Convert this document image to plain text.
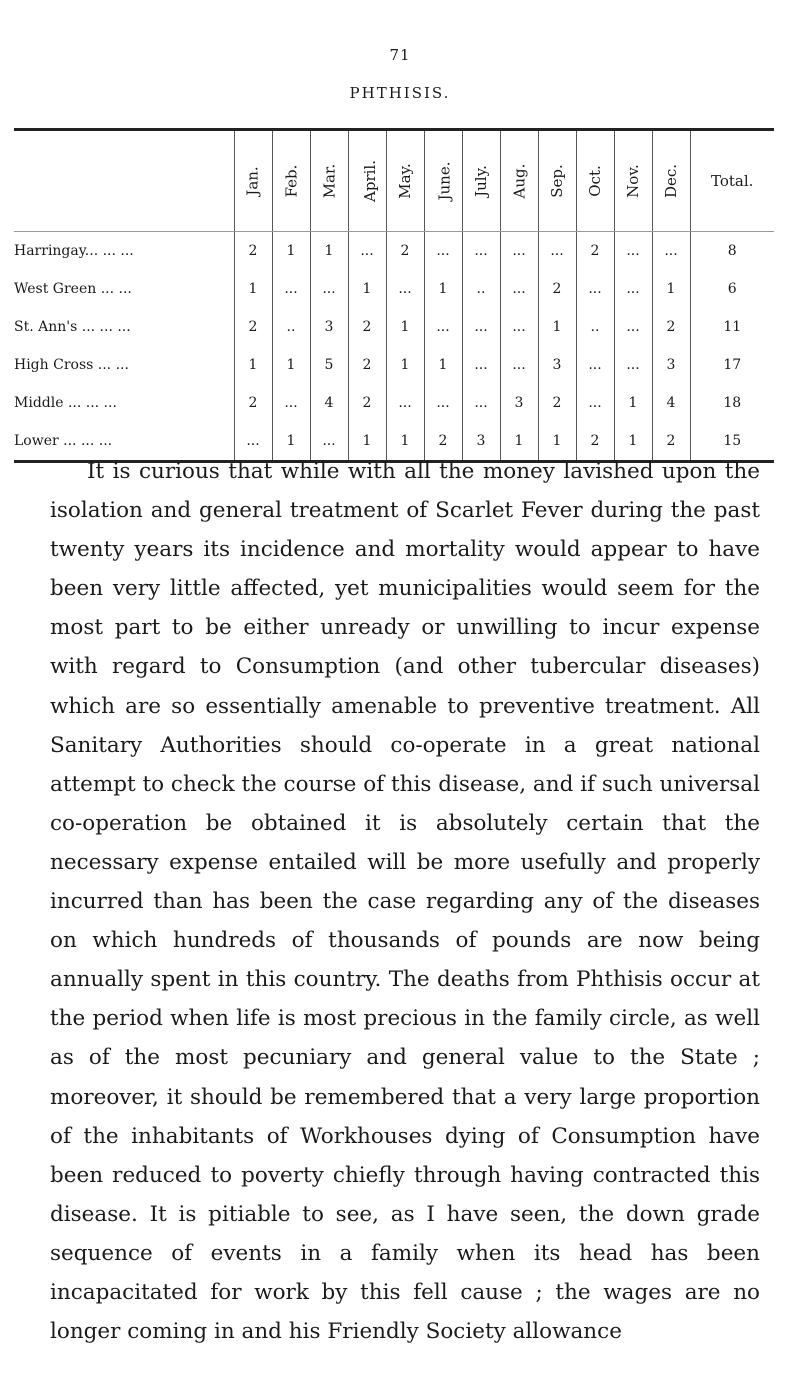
71
PHTHISIS.
	Jan.	Feb.	Mar.	April.	May.	June.	July.	Aug.	Sep.	Oct.	Nov.	Dec.	Total.
Harringay... ... ...	2	1	1	...	2	...	...	...	...	2	...	...	8
West Green ... ...	1	...	...	1	...	1	..	...	2	...	...	1	6
St. Ann's ... ... ...	2	..	3	2	1	...	...	...	1	..	...	2	11
High Cross ... ...	1	1	5	2	1	1	...	...	3	...	...	3	17
Middle ... ... ...	2	...	4	2	...	...	...	3	2	...	1	4	18
Lower ... ... ...	...	1	...	1	1	2	3	1	1	2	1	2	15

It is curious that while with all the money lavished upon the isolation and general treatment of Scarlet Fever during the past twenty years its incidence and mortality would appear to have been very little affected, yet municipalities would seem for the most part to be either unready or unwilling to incur expense with regard to Consumption (and other tubercular diseases) which are so essentially amenable to preventive treatment. All Sanitary Authorities should co-operate in a great national attempt to check the course of this disease, and if such universal co-operation be obtained it is absolutely certain that the necessary expense entailed will be more usefully and properly incurred than has been the case regarding any of the diseases on which hundreds of thousands of pounds are now being annually spent in this country. The deaths from Phthisis occur at the period when life is most precious in the family circle, as well as of the most pecuniary and general value to the State ; moreover, it should be remembered that a very large proportion of the inhabitants of Workhouses dying of Consumption have been reduced to poverty chiefly through having contracted this disease. It is pitiable to see, as I have seen, the down grade sequence of events in a family when its head has been incapacitated for work by this fell cause ; the wages are no longer coming in and his Friendly Society allowance
